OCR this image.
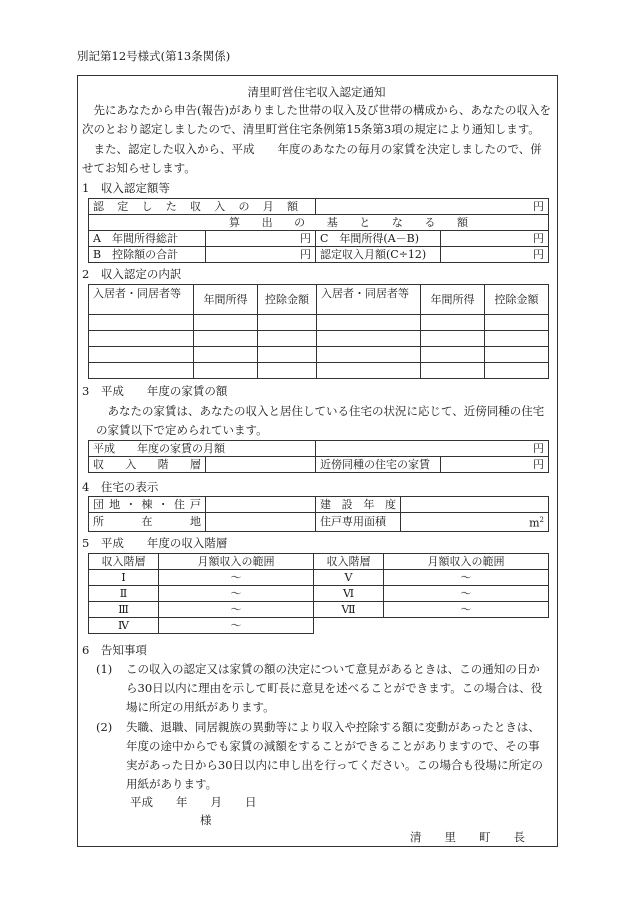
別記第12号様式(第13条関係)
清里町営住宅収入認定通知
　先にあなたから申告(報告)がありました世帯の収入及び世帯の構成から、あなたの収入を次のとおり認定しましたので、清里町営住宅条例第15条第3項の規定により通知します。
　また、認定した収入から、平成　　年度のあなたの毎月の家賃を決定しましたので、併せてお知らせします。
1　収入認定額等
認定した収入の月額		円	

算出の基となる額			

A　年間所得総計	円	C　年間所得(A－B)	円
B　控除額の合計	円	認定収入月額(C÷12)	円
2　収入認定の内訳
入居者・同居者等	年間所得	控除金額	入居者・同居者等	年間所得	控除金額

3　平成　　年度の家賃の額
　あなたの家賃は、あなたの収入と居住している住宅の状況に応じて、近傍同種の住宅の家賃以下で定められています。
平成　　年度の家賃の月額		円	

収入階層		近傍同種の住宅の家賃	円
4　住宅の表示
団地・棟・住戸		建設年度	

所在地		住戸専用面積	$m^2$
5　平成　　年度の収入階層
収入階層	月額収入の範囲	収入階層	月額収入の範囲
Ⅰ	～	Ⅴ	～
Ⅱ	～	Ⅵ	～
Ⅲ	～	Ⅶ	～
Ⅳ	～		
6　告知事項
(1) この収入の認定又は家賃の額の決定について意見があるときは、この通知の日から30日以内に理由を示して町長に意見を述べることができます。この場合は、役場に所定の用紙があります。
(2) 失職、退職、同居親族の異動等により収入や控除する額に変動があったときは、年度の途中からでも家賃の減額をすることができることがありますので、その事実があった日から30日以内に申し出を行ってください。この場合も役場に所定の用紙があります。
平成　　年　　月　　日
様
清　　里　　町　　長
